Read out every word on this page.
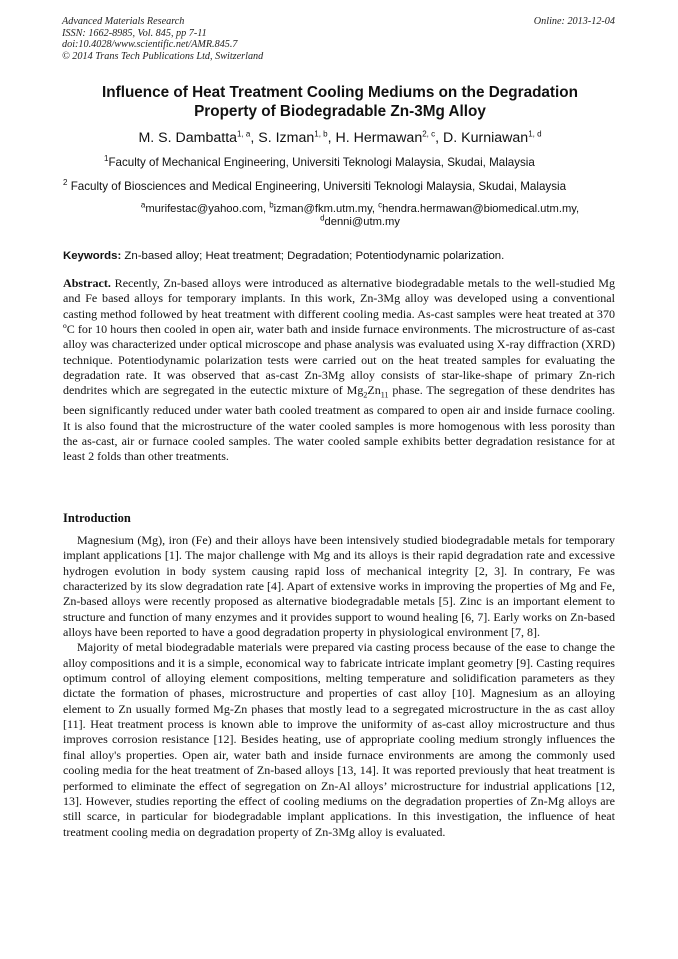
Advanced Materials Research
ISSN: 1662-8985, Vol. 845, pp 7-11
doi:10.4028/www.scientific.net/AMR.845.7
© 2014 Trans Tech Publications Ltd, Switzerland
Online: 2013-12-04
Influence of Heat Treatment Cooling Mediums on the Degradation
Property of Biodegradable Zn-3Mg Alloy
M. S. Dambatta$^{1, a}$, S. Izman$^{1, b}$, H. Hermawan$^{2, c}$, D. Kurniawan$^{1, d}$
$^1$Faculty of Mechanical Engineering, Universiti Teknologi Malaysia, Skudai, Malaysia
$^2$ Faculty of Biosciences and Medical Engineering, Universiti Teknologi Malaysia, Skudai, Malaysia
$^a$murifestac@yahoo.com, $^b$izman@fkm.utm.my, $^c$hendra.hermawan@biomedical.utm.my,
$^d$denni@utm.my
Keywords: Zn-based alloy; Heat treatment; Degradation; Potentiodynamic polarization.

Abstract. Recently, Zn-based alloys were introduced as alternative biodegradable metals to the well-studied Mg and Fe based alloys for temporary implants. In this work, Zn-3Mg alloy was developed using a conventional casting method followed by heat treatment with different cooling media. As-cast samples were heat treated at 370 ºC for 10 hours then cooled in open air, water bath and inside furnace environments. The microstructure of as-cast alloy was characterized under optical microscope and phase analysis was evaluated using X-ray diffraction (XRD) technique. Potentiodynamic polarization tests were carried out on the heat treated samples for evaluating the degradation rate. It was observed that as-cast Zn-3Mg alloy consists of star-like-shape of primary Zn-rich dendrites which are segregated in the eutectic mixture of $Mg_2Zn_{11}$ phase. The segregation of these dendrites has been significantly reduced under water bath cooled treatment as compared to open air and inside furnace cooling. It is also found that the microstructure of the water cooled samples is more homogenous with less porosity than the as-cast, air or furnace cooled samples. The water cooled sample exhibits better degradation resistance for at least 2 folds than other treatments.

Introduction

Magnesium (Mg), iron (Fe) and their alloys have been intensively studied biodegradable metals for temporary implant applications [1]. The major challenge with Mg and its alloys is their rapid degradation rate and excessive hydrogen evolution in body system causing rapid loss of mechanical integrity [2, 3]. In contrary, Fe was characterized by its slow degradation rate [4]. Apart of extensive works in improving the properties of Mg and Fe, Zn-based alloys were recently proposed as alternative biodegradable metals [5]. Zinc is an important element to structure and function of many enzymes and it provides support to wound healing [6, 7]. Early works on Zn-based alloys have been reported to have a good degradation property in physiological environment [7, 8].

Majority of metal biodegradable materials were prepared via casting process because of the ease to change the alloy compositions and it is a simple, economical way to fabricate intricate implant geometry [9]. Casting requires optimum control of alloying element compositions, melting temperature and solidification parameters as they dictate the formation of phases, microstructure and properties of cast alloy [10]. Magnesium as an alloying element to Zn usually formed Mg-Zn phases that mostly lead to a segregated microstructure in the as cast alloy [11]. Heat treatment process is known able to improve the uniformity of as-cast alloy microstructure and thus improves corrosion resistance [12]. Besides heating, use of appropriate cooling medium strongly influences the final alloy's properties. Open air, water bath and inside furnace environments are among the commonly used cooling media for the heat treatment of Zn-based alloys [13, 14]. It was reported previously that heat treatment is performed to eliminate the effect of segregation on Zn-Al alloys’ microstructure for industrial applications [12, 13]. However, studies reporting the effect of cooling mediums on the degradation properties of Zn-Mg alloys are still scarce, in particular for biodegradable implant applications. In this investigation, the influence of heat treatment cooling media on degradation property of Zn-3Mg alloy is evaluated.
